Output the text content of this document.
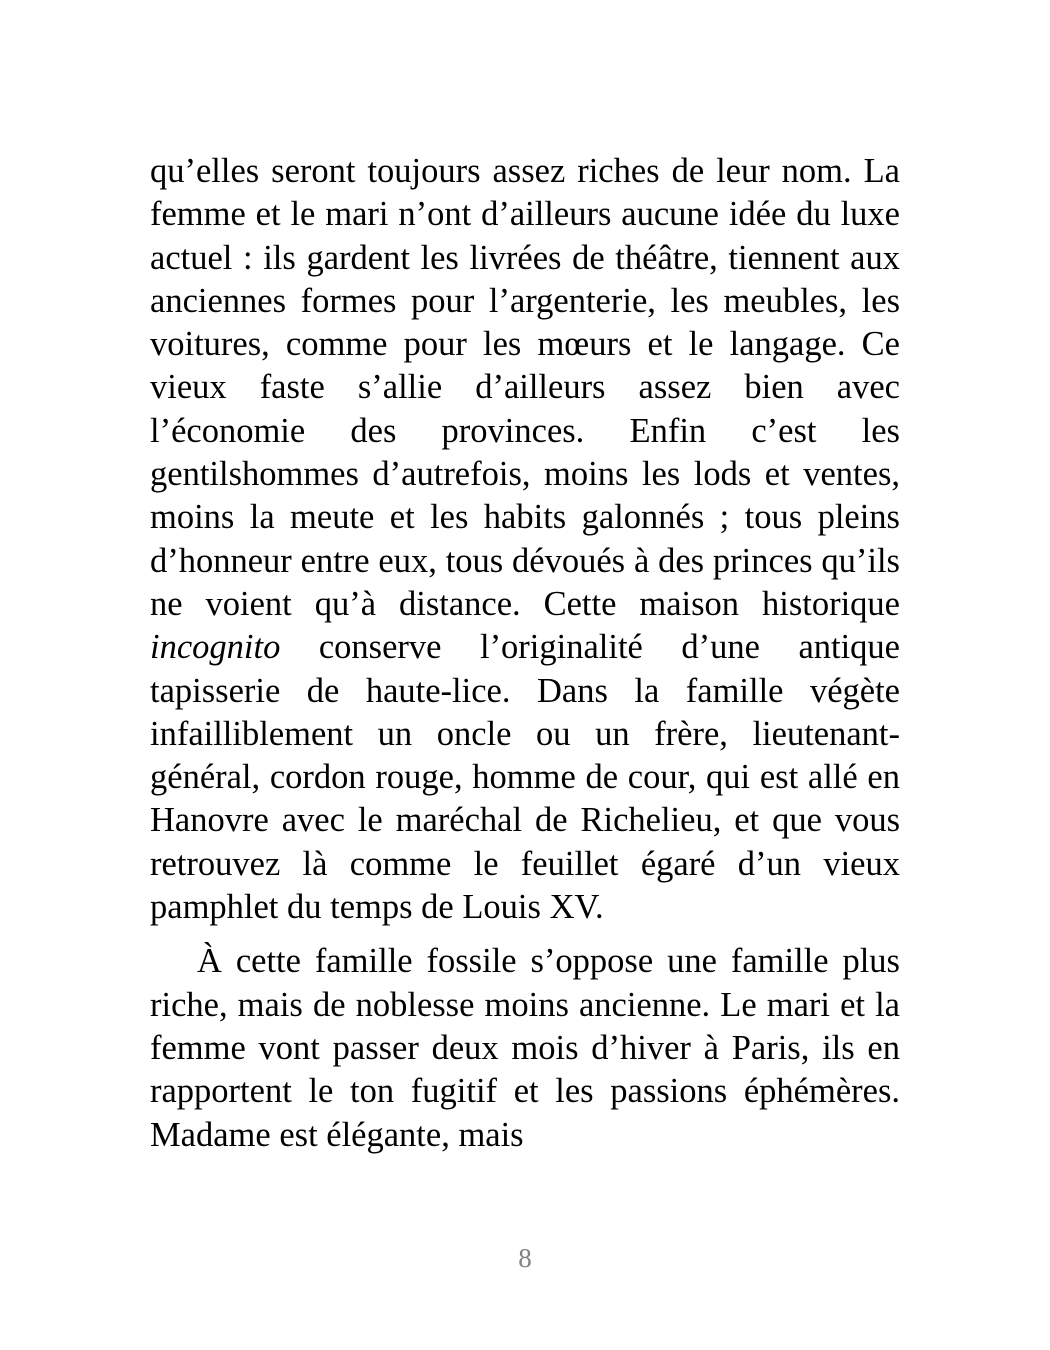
qu’elles seront toujours assez riches de leur nom. La femme et le mari n’ont d’ailleurs aucune idée du luxe actuel : ils gardent les livrées de théâtre, tiennent aux anciennes formes pour l’argenterie, les meubles, les voitures, comme pour les mœurs et le langage. Ce vieux faste s’allie d’ailleurs assez bien avec l’économie des provinces. Enfin c’est les gentilshommes d’autrefois, moins les lods et ventes, moins la meute et les habits galonnés ; tous pleins d’honneur entre eux, tous dévoués à des princes qu’ils ne voient qu’à distance. Cette maison historique incognito conserve l’originalité d’une antique tapisserie de haute-lice. Dans la famille végète infailliblement un oncle ou un frère, lieutenant-général, cordon rouge, homme de cour, qui est allé en Hanovre avec le maréchal de Richelieu, et que vous retrouvez là comme le feuillet égaré d’un vieux pamphlet du temps de Louis XV.

À cette famille fossile s’oppose une famille plus riche, mais de noblesse moins ancienne. Le mari et la femme vont passer deux mois d’hiver à Paris, ils en rapportent le ton fugitif et les passions éphémères. Madame est élégante, mais

8
